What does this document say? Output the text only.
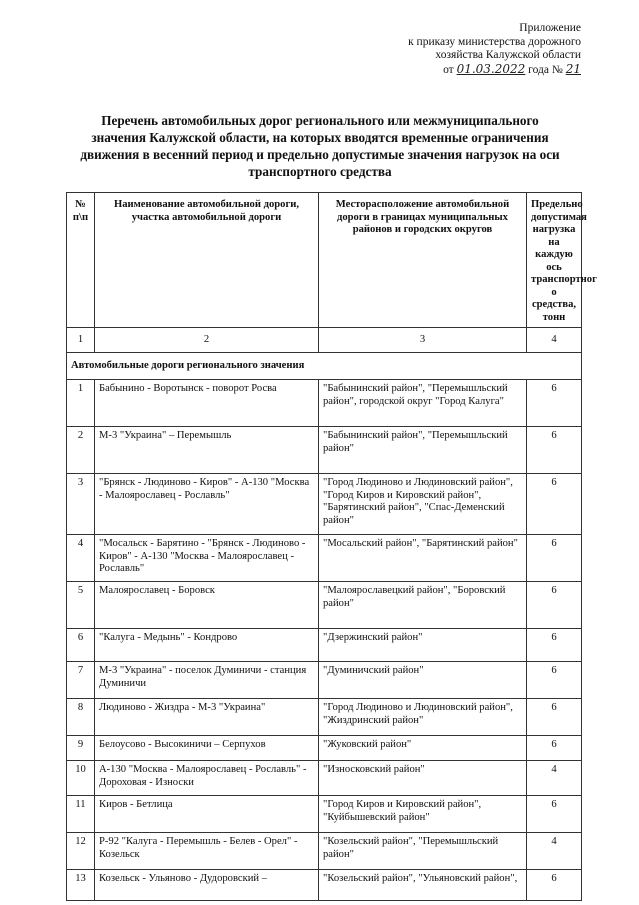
Приложение
к приказу министерства дорожного
хозяйства Калужской области
от 01.03.2022 года № 21
Перечень автомобильных дорог регионального или межмуниципального
значения Калужской области, на которых вводятся временные ограничения
движения в весенний период и предельно допустимые значения нагрузок на оси
транспортного средства
№ п\п	Наименование автомобильной дороги, участка автомобильной дороги	Месторасположение автомобильной дороги в границах муниципальных районов и городских округов	Предельно допустимая нагрузка на каждую ось транспортног о средства, тонн
1	2	3	4
Автомобильные дороги регионального значения			
1	Бабынино - Воротынск - поворот Росва	"Бабынинский район", "Перемышльский район", городской округ "Город Калуга"	6
2	М-3 "Украина" – Перемышль	"Бабынинский район", "Перемышльский район"	6
3	"Брянск - Людиново - Киров" - А-130 "Москва - Малоярославец - Рославль"	"Город Людиново и Людиновский район", "Город Киров и Кировский район", "Барятинский район", "Спас-Деменский район"	6
4	"Мосальск - Барятино - "Брянск - Людиново - Киров" - А-130 "Москва - Малоярославец - Рославль"	"Мосальский район", "Барятинский район"	6
5	Малоярославец - Боровск	"Малоярославецкий район", "Боровский район"	6
6	"Калуга - Медынь" - Кондрово	"Дзержинский район"	6
7	М-3 "Украина" - поселок Думиничи - станция Думиничи	"Думиничский район"	6
8	Людиново - Жиздра - М-3 "Украина"	"Город Людиново и Людиновский район", "Жиздринский район"	6
9	Белоусово - Высокиничи – Серпухов	"Жуковский район"	6
10	А-130 "Москва - Малоярославец - Рославль" - Дороховая - Износки	"Износковский район"	4
11	Киров - Бетлица	"Город Киров и Кировский район", "Куйбышевский район"	6
12	Р-92 "Калуга - Перемышль - Белев - Орел" - Козельск	"Козельский район", "Перемышльский район"	4
13	Козельск - Ульяново - Дудоровский –	"Козельский район", "Ульяновский район",	6
